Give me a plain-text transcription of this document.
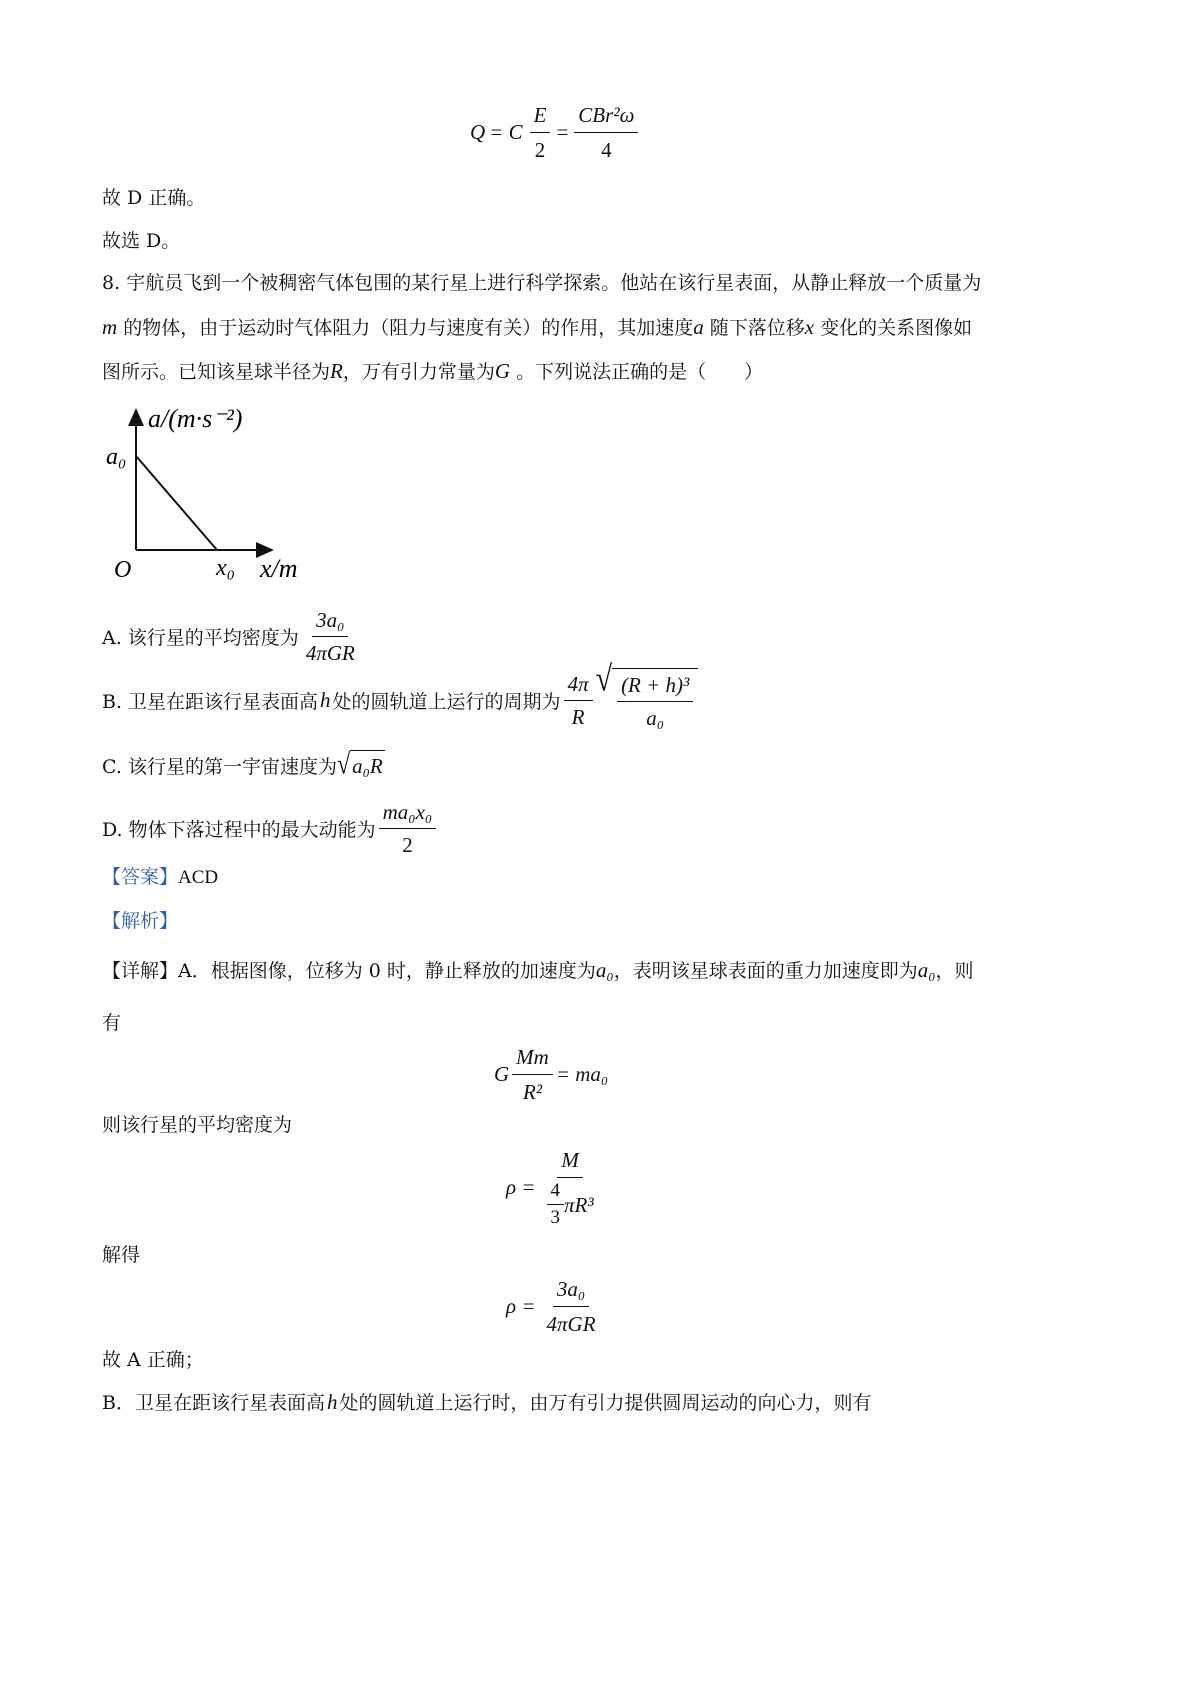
Q = C $\frac{E}{2} = \frac{\text{CBr²ω}}{4}$
故 D 正确。
故选 D。
8. 宇航员飞到一个被稠密气体包围的某行星上进行科学探索。他站在该行星表面，从静止释放一个质量为
m 的物体，由于运动时气体阻力（阻力与速度有关）的作用，其加速度a 随下落位移x 变化的关系图像如
图所示。已知该星球半径为R，万有引力常量为G 。下列说法正确的是（　　）
a/(m·s⁻²)
a₀
O	x₀ x/m
A. 该行星的平均密度为 $\frac{\text{3a₀}}{\text{4πGR}}$
B. 卫星在距该行星表面高 h 处的圆轨道上运行的周期为 $\frac{4\pi}{R}$ √ $\frac{\text{(R + h)³}}{\text{a₀}}$
C. 该行星的第一宇宙速度为 √ a₀R
D. 物体下落过程中的最大动能为 $\frac{\text{ma₀x₀}}{2}$
【答案】ACD
【解析】
【详解】A．根据图像，位移为 0 时，静止释放的加速度为a₀，表明该星球表面的重力加速度即为a₀，则
有
G $\frac{Mm}{\text{R²}} = ma_0$
则该行星的平均密度为
$\rho = \frac{M}{\frac{4}{3} \pi R^3}$
解得
$\rho = \frac{\text{3a₀}}{\text{4πGR}}$
故 A 正确；
B．卫星在距该行星表面高h 处的圆轨道上运行时，由万有引力提供圆周运动的向心力，则有
